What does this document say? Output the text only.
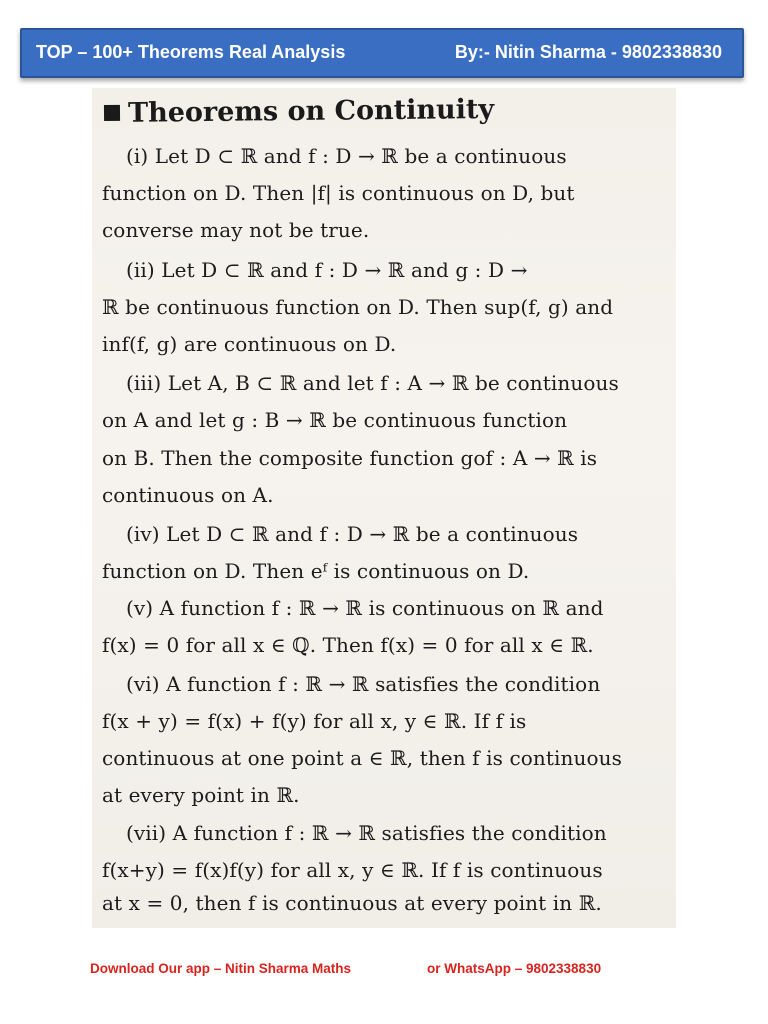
TOP – 100+ Theorems Real Analysis	By:- Nitin Sharma - 9802338830
Theorems on Continuity
(i) Let D ⊂ ℝ and f : D → ℝ be a continuous
function on D. Then |f| is continuous on D, but
converse may not be true.
(ii) Let D ⊂ ℝ and f : D → ℝ and g : D →
ℝ be continuous function on D. Then sup(f, g) and
inf(f, g) are continuous on D.
(iii) Let A, B ⊂ ℝ and let f : A → ℝ be continuous
on A and let g : B → ℝ be continuous function
on B. Then the composite function gof : A → ℝ is
continuous on A.
(iv) Let D ⊂ ℝ and f : D → ℝ be a continuous
function on D. Then eᶠ is continuous on D.
(v) A function f : ℝ → ℝ is continuous on ℝ and
f(x) = 0 for all x ∈ ℚ. Then f(x) = 0 for all x ∈ ℝ.
(vi) A function f : ℝ → ℝ satisfies the condition
f(x + y) = f(x) + f(y) for all x, y ∈ ℝ. If f is
continuous at one point a ∈ ℝ, then f is continuous
at every point in ℝ.
(vii) A function f : ℝ → ℝ satisfies the condition
f(x+y) = f(x)f(y) for all x, y ∈ ℝ. If f is continuous
at x = 0, then f is continuous at every point in ℝ.
Download Our app – Nitin Sharma Maths	or WhatsApp – 9802338830
